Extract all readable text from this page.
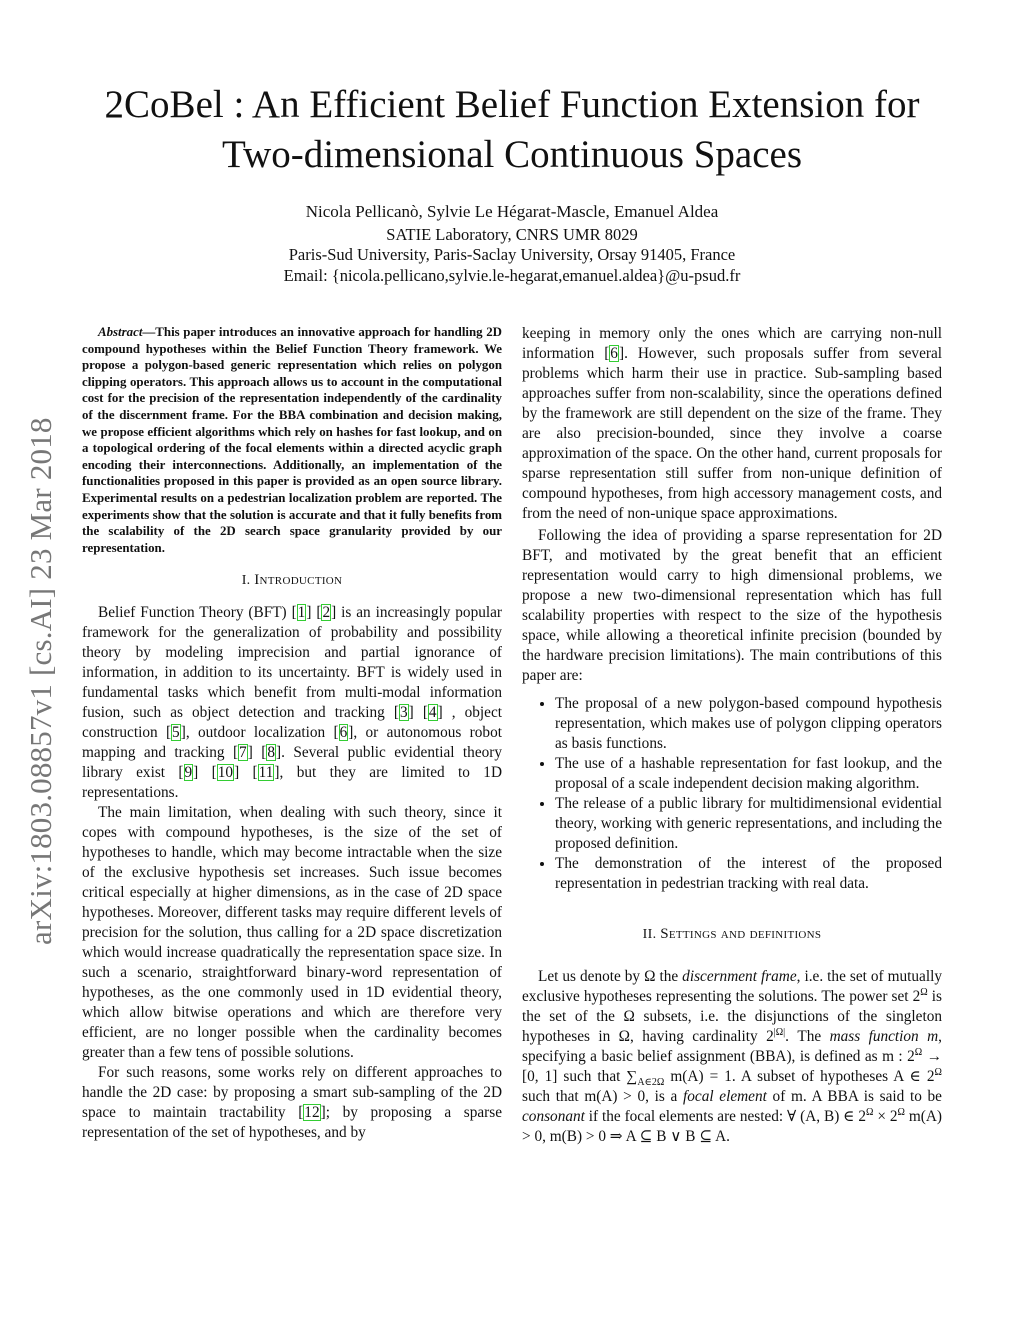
2CoBel : An Efficient Belief Function Extension for
Two-dimensional Continuous Spaces
Nicola Pellicanò, Sylvie Le Hégarat-Mascle, Emanuel Aldea
SATIE Laboratory, CNRS UMR 8029
Paris-Sud University, Paris-Saclay University, Orsay 91405, France
Email: {nicola.pellicano,sylvie.le-hegarat,emanuel.aldea}@u-psud.fr
arXiv:1803.08857v1 [cs.AI] 23 Mar 2018

Abstract—This paper introduces an innovative approach for handling 2D compound hypotheses within the Belief Function Theory framework. We propose a polygon-based generic representation which relies on polygon clipping operators. This approach allows us to account in the computational cost for the precision of the representation independently of the cardinality of the discernment frame. For the BBA combination and decision making, we propose efficient algorithms which rely on hashes for fast lookup, and on a topological ordering of the focal elements within a directed acyclic graph encoding their interconnections. Additionally, an implementation of the functionalities proposed in this paper is provided as an open source library. Experimental results on a pedestrian localization problem are reported. The experiments show that the solution is accurate and that it fully benefits from the scalability of the 2D search space granularity provided by our representation.

I. Introduction

Belief Function Theory (BFT) [1] [2] is an increasingly popular framework for the generalization of probability and possibility theory by modeling imprecision and partial ignorance of information, in addition to its uncertainty. BFT is widely used in fundamental tasks which benefit from multi-modal information fusion, such as object detection and tracking [3] [4] , object construction [5], outdoor localization [6], or autonomous robot mapping and tracking [7] [8]. Several public evidential theory library exist [9] [10] [11], but they are limited to 1D representations.

The main limitation, when dealing with such theory, since it copes with compound hypotheses, is the size of the set of hypotheses to handle, which may become intractable when the size of the exclusive hypothesis set increases. Such issue becomes critical especially at higher dimensions, as in the case of 2D space hypotheses. Moreover, different tasks may require different levels of precision for the solution, thus calling for a 2D space discretization which would increase quadratically the representation space size. In such a scenario, straightforward binary-word representation of hypotheses, as the one commonly used in 1D evidential theory, which allow bitwise operations and which are therefore very efficient, are no longer possible when the cardinality becomes greater than a few tens of possible solutions.

For such reasons, some works rely on different approaches to handle the 2D case: by proposing a smart sub-sampling of the 2D space to maintain tractability [12]; by proposing a sparse representation of the set of hypotheses, and by

keeping in memory only the ones which are carrying non-null information [6]. However, such proposals suffer from several problems which harm their use in practice. Sub-sampling based approaches suffer from non-scalability, since the operations defined by the framework are still dependent on the size of the frame. They are also precision-bounded, since they involve a coarse approximation of the space. On the other hand, current proposals for sparse representation still suffer from non-unique definition of compound hypotheses, from high accessory management costs, and from the need of non-unique space approximations.

Following the idea of providing a sparse representation for 2D BFT, and motivated by the great benefit that an efficient representation would carry to high dimensional problems, we propose a new two-dimensional representation which has full scalability properties with respect to the size of the hypothesis space, while allowing a theoretical infinite precision (bounded by the hardware precision limitations). The main contributions of this paper are:

• The proposal of a new polygon-based compound hypothesis representation, which makes use of polygon clipping operators as basis functions.
• The use of a hashable representation for fast lookup, and the proposal of a scale independent decision making algorithm.
• The release of a public library for multidimensional evidential theory, working with generic representations, and including the proposed definition.
• The demonstration of the interest of the proposed representation in pedestrian tracking with real data.
II. Settings and definitions

Let us denote by Ω the discernment frame, i.e. the set of mutually exclusive hypotheses representing the solutions. The power set $2^\Omega$ is the set of the Ω subsets, i.e. the disjunctions of the singleton hypotheses in Ω, having cardinality $2^{|\Omega|}$. The mass function m, specifying a basic belief assignment (BBA), is defined as m : $2^\Omega \to [0$, 1] such that $\sum_{A\in 2\Omega}$ m(A) = 1. A subset of hypotheses A ∈ $2^\Omega$ such that m(A) > 0, is a focal element of m. A BBA is said to be consonant if the focal elements are nested: ∀ (A, B) ∈ $2^\Omega \times 2^\Omega$ m(A) > 0, m(B) > 0 ⇒ A ⊆ B ∨ B ⊆ A.
